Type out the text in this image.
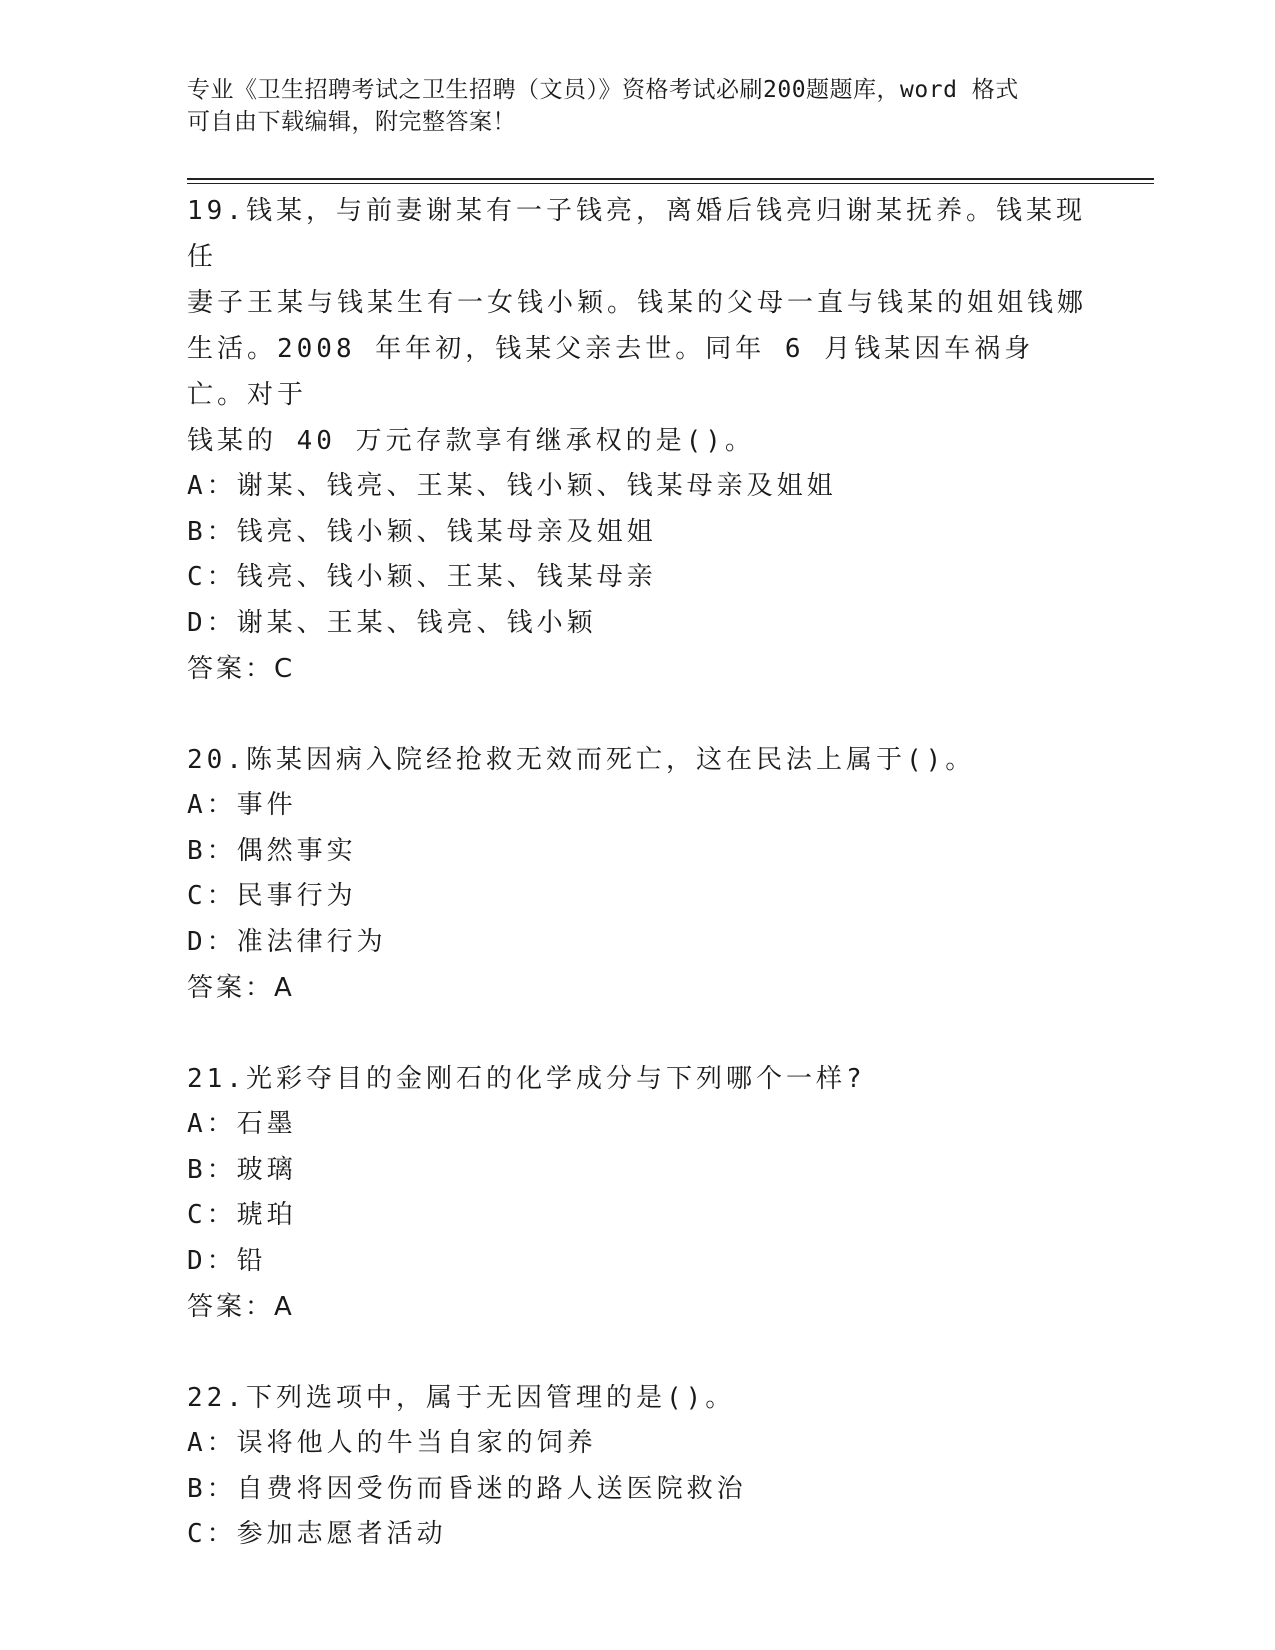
专业《卫生招聘考试之卫生招聘（文员）》资格考试必刷200题题库，word 格式
可自由下载编辑，附完整答案！

19.钱某，与前妻谢某有一子钱亮，离婚后钱亮归谢某抚养。钱某现任

妻子王某与钱某生有一女钱小颖。钱某的父母一直与钱某的姐姐钱娜

生活。2008 年年初，钱某父亲去世。同年 6 月钱某因车祸身亡。对于

钱某的 40 万元存款享有继承权的是()。

A：谢某、钱亮、王某、钱小颖、钱某母亲及姐姐

B：钱亮、钱小颖、钱某母亲及姐姐

C：钱亮、钱小颖、王某、钱某母亲

D：谢某、王某、钱亮、钱小颖

答案：C

20.陈某因病入院经抢救无效而死亡，这在民法上属于()。

A：事件

B：偶然事实

C：民事行为

D：准法律行为

答案：A

21.光彩夺目的金刚石的化学成分与下列哪个一样?

A：石墨

B：玻璃

C：琥珀

D：铅

答案：A

22.下列选项中，属于无因管理的是()。

A：误将他人的牛当自家的饲养

B：自费将因受伤而昏迷的路人送医院救治

C：参加志愿者活动
